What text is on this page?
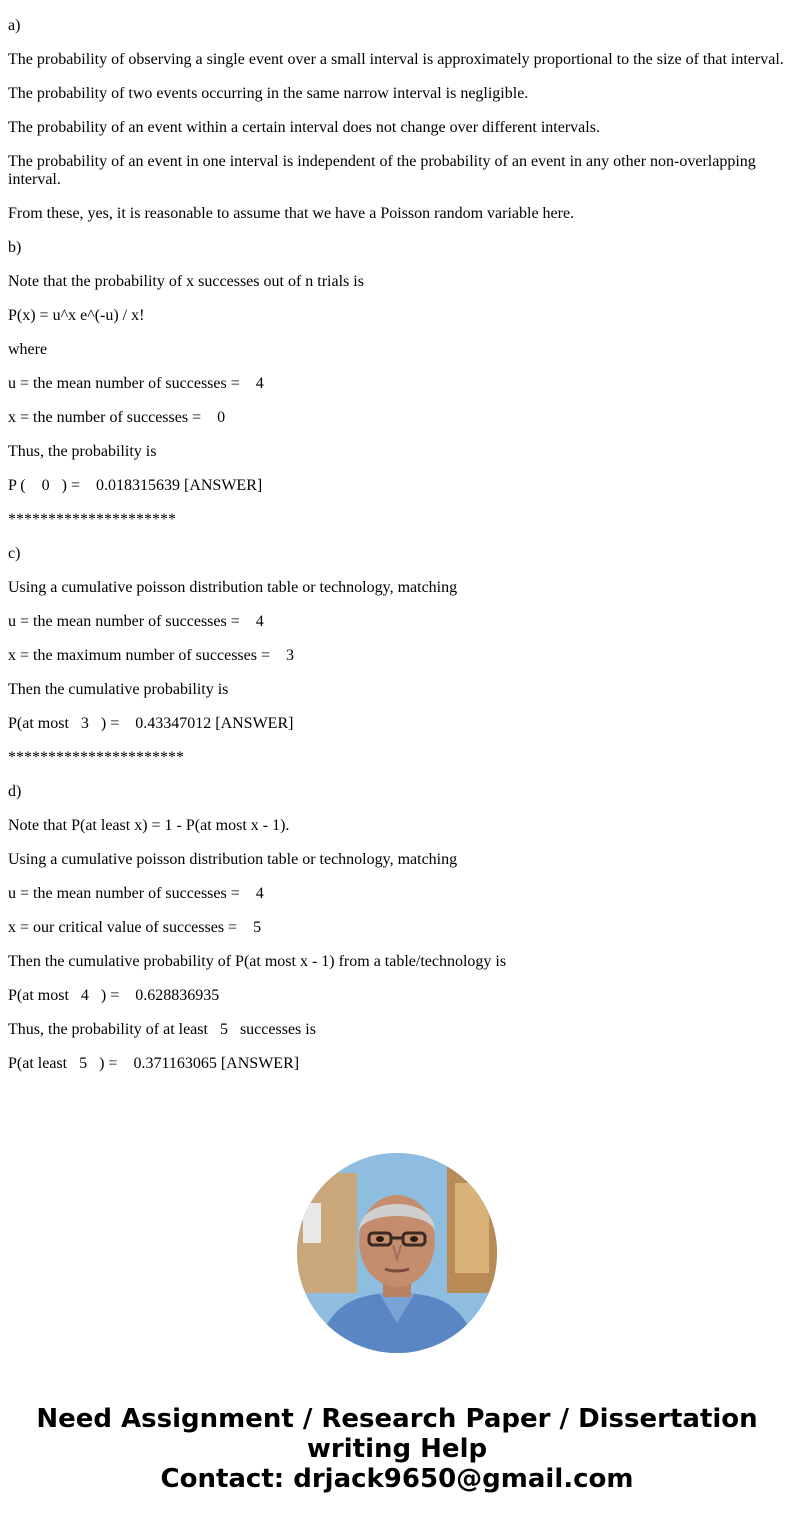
a)

The probability of observing a single event over a small interval is approximately proportional to the size of that interval.

The probability of two events occurring in the same narrow interval is negligible.

The probability of an event within a certain interval does not change over different intervals.

The probability of an event in one interval is independent of the probability of an event in any other non-overlapping interval.

From these, yes, it is reasonable to assume that we have a Poisson random variable here.

b)

Note that the probability of x successes out of n trials is

P(x) = u^x e^(-u) / x!

where

u = the mean number of successes =    4

x = the number of successes =    0

Thus, the probability is

P (    0   ) =    0.018315639 [ANSWER]

*********************

c)

Using a cumulative poisson distribution table or technology, matching

u = the mean number of successes =    4

x = the maximum number of successes =    3

Then the cumulative probability is

P(at most   3   ) =    0.43347012 [ANSWER]

**********************

d)

Note that P(at least x) = 1 - P(at most x - 1).

Using a cumulative poisson distribution table or technology, matching

u = the mean number of successes =    4

x = our critical value of successes =    5

Then the cumulative probability of P(at most x - 1) from a table/technology is

P(at most   4   ) =    0.628836935

Thus, the probability of at least   5   successes is

P(at least   5   ) =    0.371163065 [ANSWER]

Need Assignment / Research Paper / Dissertation
writing Help
Contact: drjack9650@gmail.com
